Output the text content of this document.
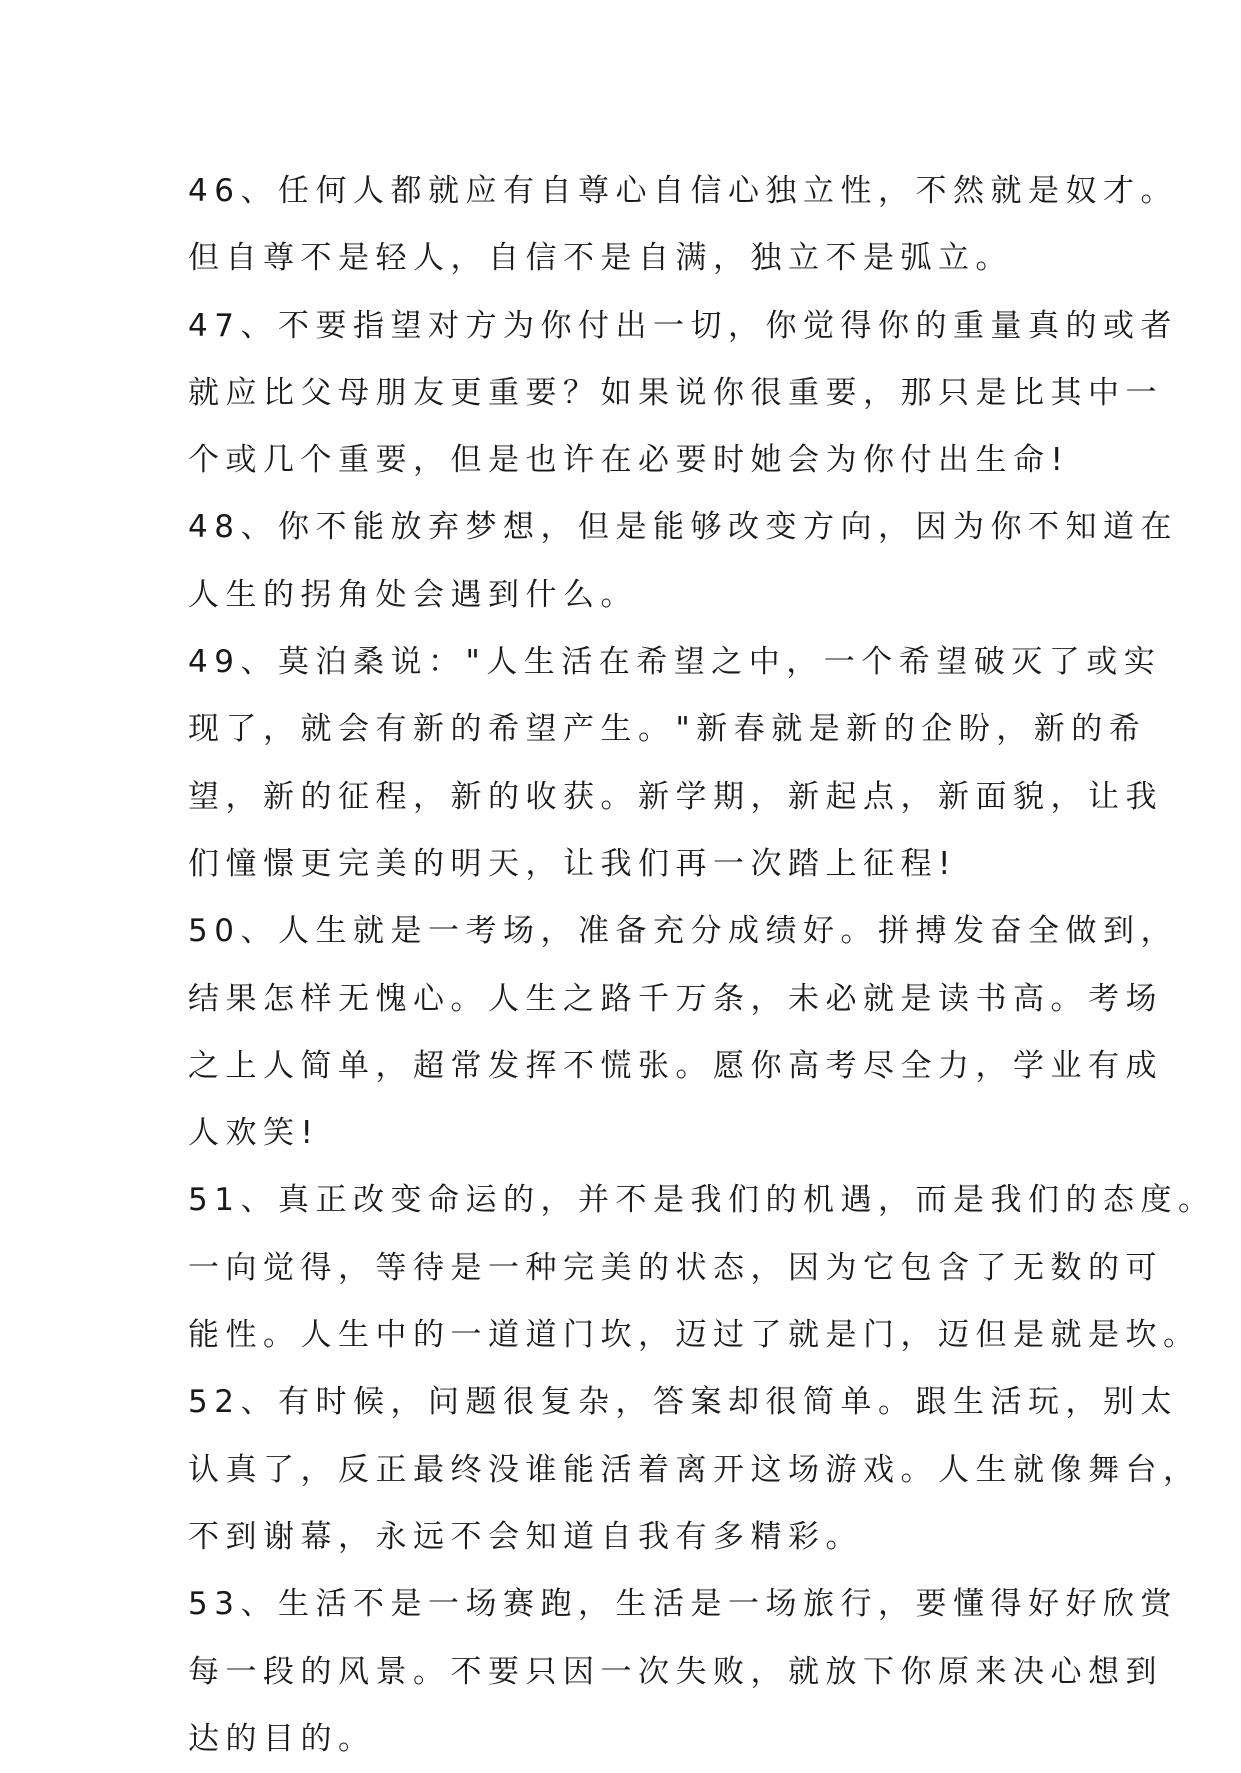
46、任何人都就应有自尊心自信心独立性，不然就是奴才。
但自尊不是轻人，自信不是自满，独立不是弧立。
47、不要指望对方为你付出一切，你觉得你的重量真的或者
就应比父母朋友更重要？如果说你很重要，那只是比其中一
个或几个重要，但是也许在必要时她会为你付出生命!
48、你不能放弃梦想，但是能够改变方向，因为你不知道在
人生的拐角处会遇到什么。
49、莫泊桑说："人生活在希望之中，一个希望破灭了或实
现了，就会有新的希望产生。"新春就是新的企盼，新的希
望，新的征程，新的收获。新学期，新起点，新面貌，让我
们憧憬更完美的明天，让我们再一次踏上征程!
50、人生就是一考场，准备充分成绩好。拼搏发奋全做到，
结果怎样无愧心。人生之路千万条，未必就是读书高。考场
之上人简单，超常发挥不慌张。愿你高考尽全力，学业有成
人欢笑!
51、真正改变命运的，并不是我们的机遇，而是我们的态度。
一向觉得，等待是一种完美的状态，因为它包含了无数的可
能性。人生中的一道道门坎，迈过了就是门，迈但是就是坎。
52、有时候，问题很复杂，答案却很简单。跟生活玩，别太
认真了，反正最终没谁能活着离开这场游戏。人生就像舞台，
不到谢幕，永远不会知道自我有多精彩。
53、生活不是一场赛跑，生活是一场旅行，要懂得好好欣赏
每一段的风景。不要只因一次失败，就放下你原来决心想到
达的目的。
